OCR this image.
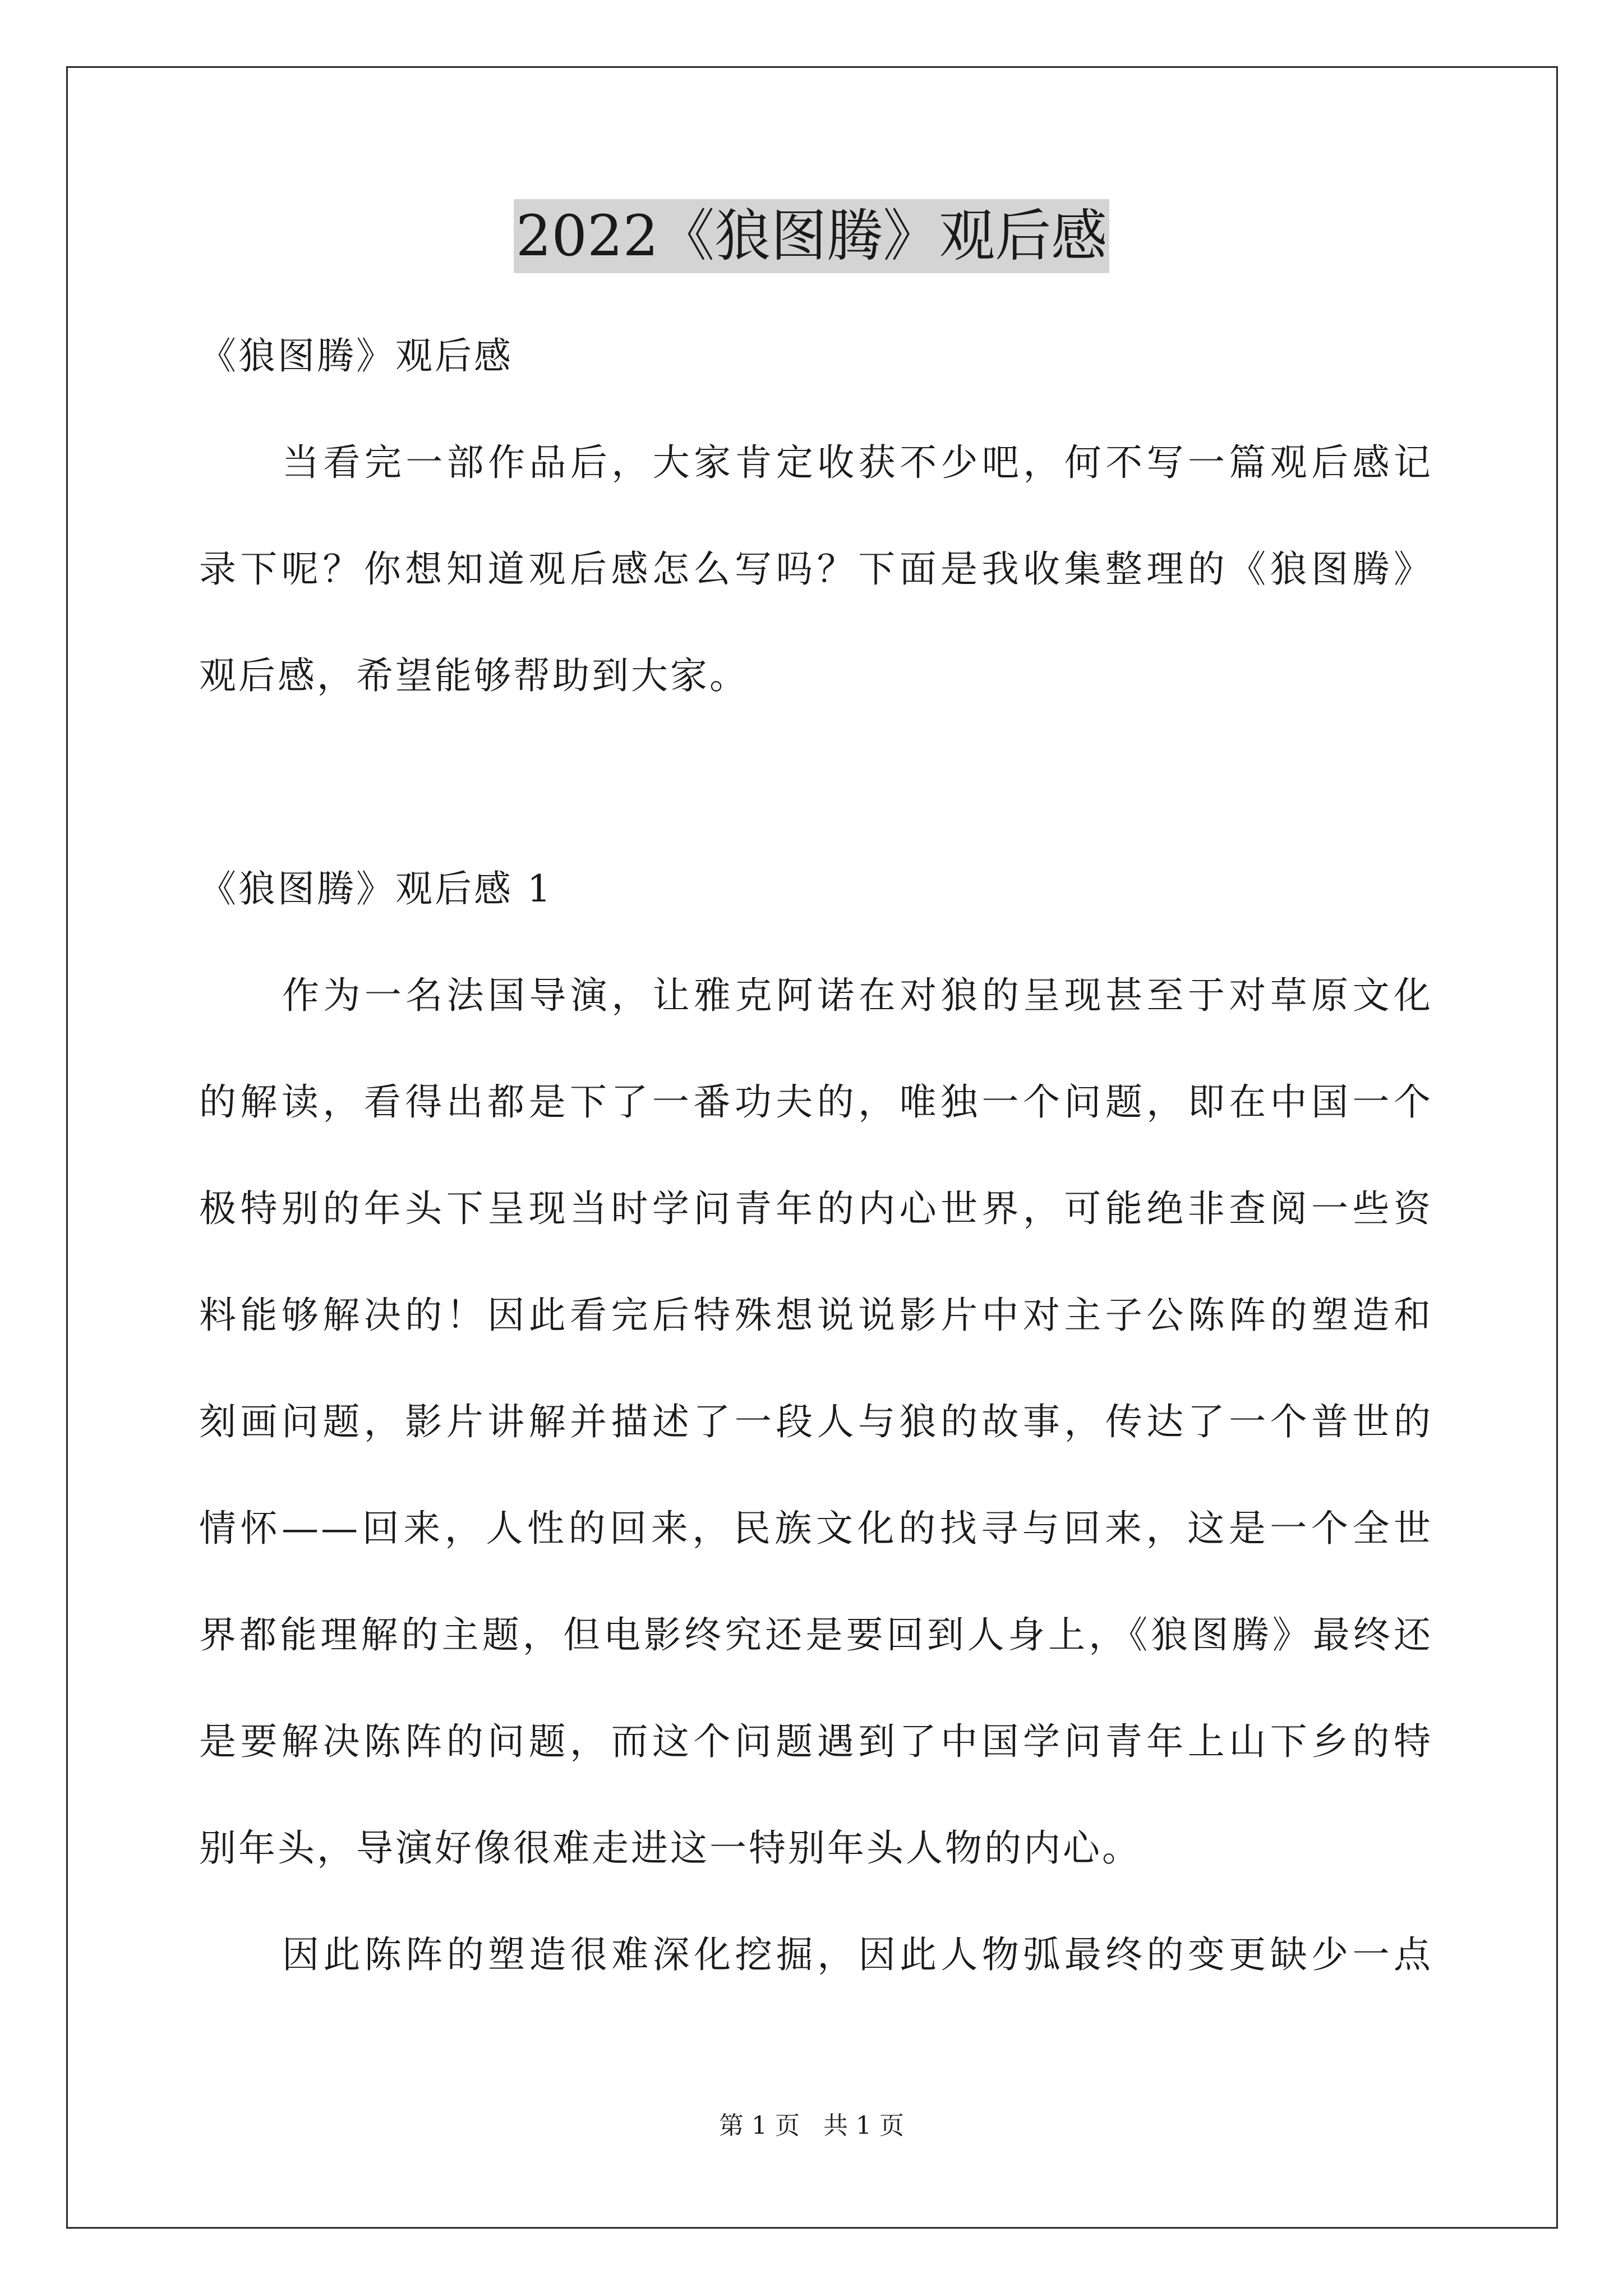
2022《狼图腾》观后感
《狼图腾》观后感
当看完一部作品后，大家肯定收获不少吧，何不写一篇观后感记
录下呢？你想知道观后感怎么写吗？下面是我收集整理的《狼图腾》
观后感，希望能够帮助到大家。
《狼图腾》观后感 1
作为一名法国导演，让雅克阿诺在对狼的呈现甚至于对草原文化
的解读，看得出都是下了一番功夫的，唯独一个问题，即在中国一个
极特别的年头下呈现当时学问青年的内心世界，可能绝非查阅一些资
料能够解决的！因此看完后特殊想说说影片中对主子公陈阵的塑造和
刻画问题，影片讲解并描述了一段人与狼的故事，传达了一个普世的
情怀——回来，人性的回来，民族文化的找寻与回来，这是一个全世
界都能理解的主题，但电影终究还是要回到人身上，《狼图腾》最终还
是要解决陈阵的问题，而这个问题遇到了中国学问青年上山下乡的特
别年头，导演好像很难走进这一特别年头人物的内心。
因此陈阵的塑造很难深化挖掘，因此人物弧最终的变更缺少一点
第 1 页 共 1 页
